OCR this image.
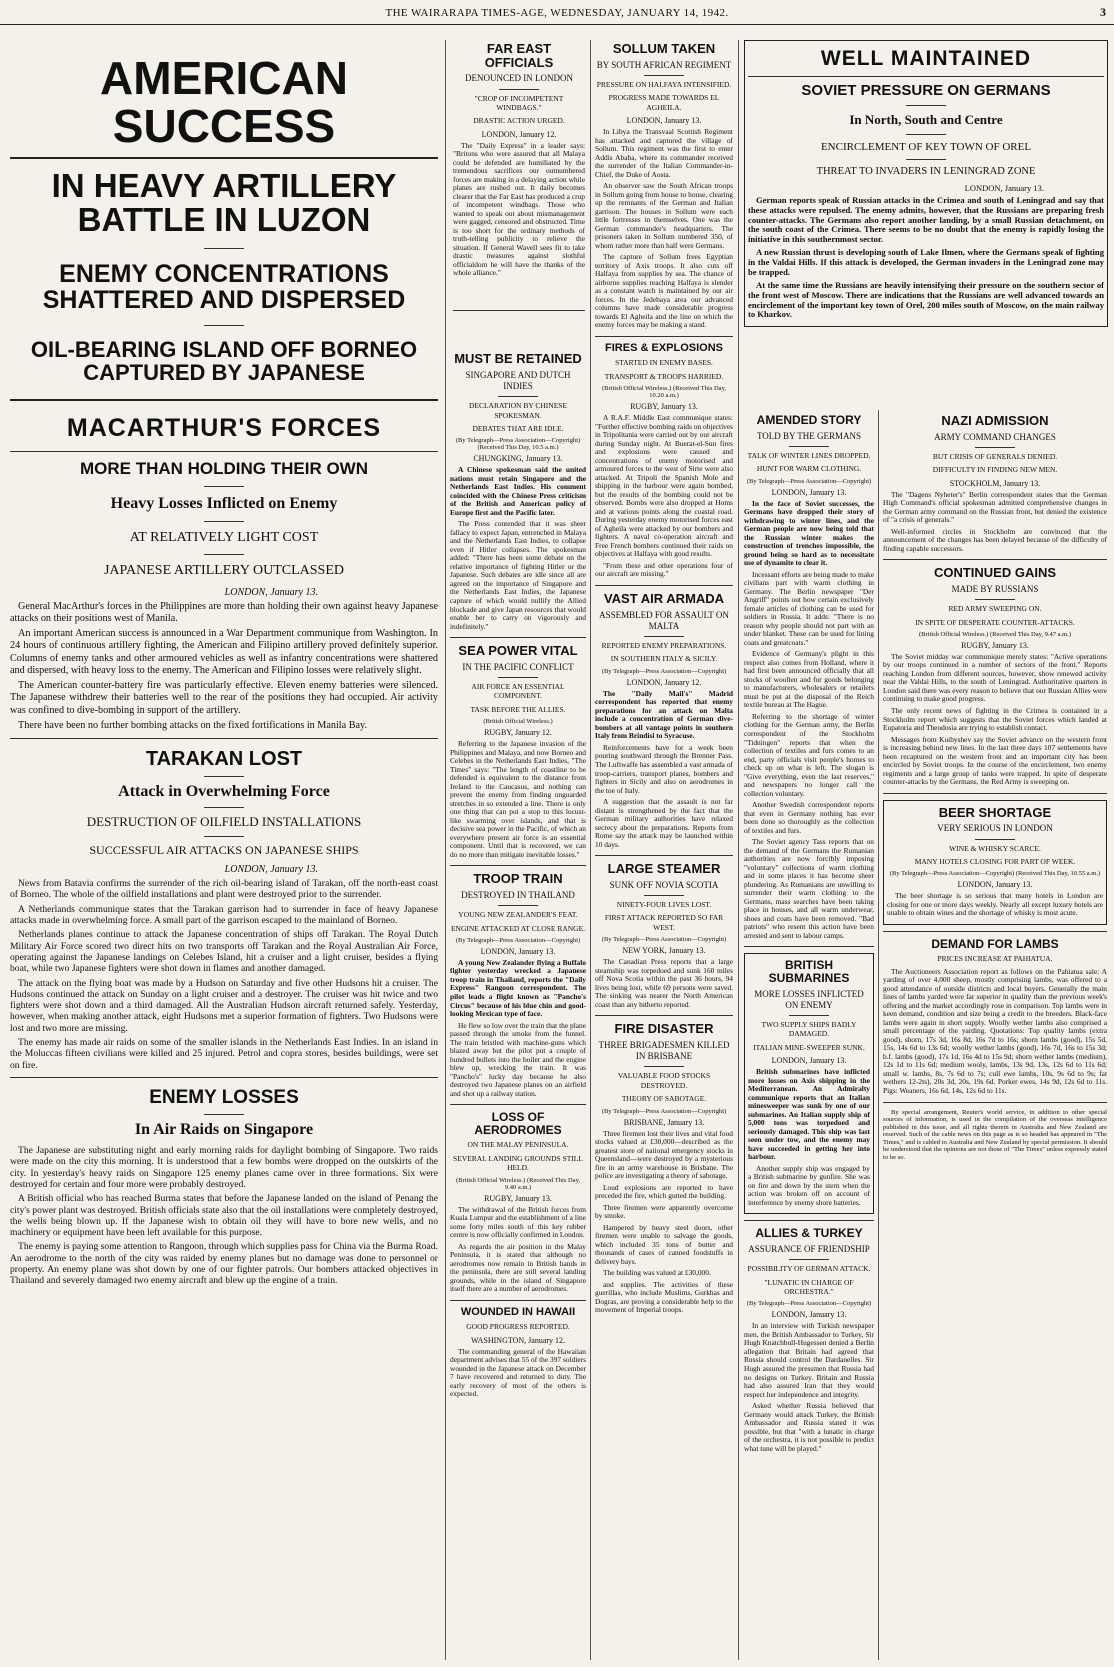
THE WAIRARAPA TIMES-AGE, WEDNESDAY, JANUARY 14, 1942.	3
AMERICAN SUCCESS
IN HEAVY ARTILLERY BATTLE IN LUZON
ENEMY CONCENTRATIONS SHATTERED AND DISPERSED
OIL-BEARING ISLAND OFF BORNEO CAPTURED BY JAPANESE
MACARTHUR'S FORCES
MORE THAN HOLDING THEIR OWN
Heavy Losses Inflicted on Enemy
AT RELATIVELY LIGHT COST
JAPANESE ARTILLERY OUTCLASSED
LONDON, January 13.

General MacArthur's forces in the Philippines are more than holding their own against heavy Japanese attacks on their positions west of Manila.

An important American success is announced in a War Department communique from Washington. In 24 hours of continuous artillery fighting, the American and Filipino artillery proved definitely superior. Columns of enemy tanks and other armoured vehicles as well as infantry concentrations were shattered and dispersed, with heavy loss to the enemy. The American and Filipino losses were relatively slight.

The American counter-battery fire was particularly effective. Eleven enemy batteries were silenced. The Japanese withdrew their batteries well to the rear of the positions they had occupied. Air activity was confined to dive-bombing in support of the artillery.

There have been no further bombing attacks on the fixed fortifications in Manila Bay.

TARAKAN LOST
Attack in Overwhelming Force
DESTRUCTION OF OILFIELD INSTALLATIONS
SUCCESSFUL AIR ATTACKS ON JAPANESE SHIPS
LONDON, January 13.

News from Batavia confirms the surrender of the rich oil-bearing island of Tarakan, off the north-east coast of Borneo. The whole of the oilfield installations and plant were destroyed prior to the surrender.

A Netherlands communique states that the Tarakan garrison had to surrender in face of heavy Japanese attacks made in overwhelming force. A small part of the garrison escaped to the mainland of Borneo.

Netherlands planes continue to attack the Japanese concentration of ships off Tarakan. The Royal Dutch Military Air Force scored two direct hits on two transports off Tarakan and the Royal Australian Air Force, operating against the Japanese landings on Celebes Island, hit a cruiser and a light cruiser, besides a flying boat, while two Japanese fighters were shot down in flames and another damaged.

The attack on the flying boat was made by a Hudson on Saturday and five other Hudsons hit a cruiser. The Hudsons continued the attack on Sunday on a light cruiser and a destroyer. The cruiser was hit twice and two fighters were shot down and a third damaged. All the Australian Hudson aircraft returned safely. Yesterday, however, when making another attack, eight Hudsons met a superior formation of fighters. Two Hudsons were lost and two more are missing.

The enemy has made air raids on some of the smaller islands in the Netherlands East Indies. In an island in the Moluccas fifteen civilians were killed and 25 injured. Petrol and copra stores, besides buildings, were set on fire.

ENEMY LOSSES
In Air Raids on Singapore

The Japanese are substituting night and early morning raids for daylight bombing of Singapore. Two raids were made on the city this morning. It is understood that a few bombs were dropped on the outskirts of the city. In yesterday's heavy raids on Singapore 125 enemy planes came over in three formations. Six were destroyed for certain and four more were probably destroyed.

A British official who has reached Burma states that before the Japanese landed on the island of Penang the city's power plant was destroyed. British officials state also that the oil installations were completely destroyed, the wells being blown up. If the Japanese wish to obtain oil they will have to bore new wells, and no machinery or equipment have been left available for this purpose.

The enemy is paying some attention to Rangoon, through which supplies pass for China via the Burma Road. An aerodrome to the north of the city was raided by enemy planes but no damage was done to personnel or property. An enemy plane was shot down by one of our fighter patrols. Our bombers attacked objectives in Thailand and severely damaged two enemy aircraft and blew up the engine of a train.

MUST BE RETAINED
SINGAPORE AND DUTCH INDIES
DECLARATION BY CHINESE SPOKESMAN.
DEBATES THAT ARE IDLE.
(By Telegraph—Press Association—Copyright) (Received This Day, 10.5 a.m.)
CHUNGKING, January 13.

A Chinese spokesman said the united nations must retain Singapore and the Netherlands East Indies. His comment coincided with the Chinese Press criticism of the British and American policy of Europe first and the Pacific later.

The Press contended that it was sheer fallacy to expect Japan, entrenched in Malaya and the Netherlands East Indies, to collapse even if Hitler collapses. The spokesman added: "There has been some debate on the relative importance of fighting Hitler or the Japanese. Such debates are idle since all are agreed on the importance of Singapore and the Netherlands East Indies, the Japanese capture of which would nullify the Allied blockade and give Japan resources that would enable her to carry on vigorously and indefinitely."

SEA POWER VITAL
IN THE PACIFIC CONFLICT
AIR FORCE AN ESSENTIAL COMPONENT.
TASK BEFORE THE ALLIES.
(British Official Wireless.)
RUGBY, January 12.

Referring to the Japanese invasion of the Philippines and Malaya, and now Borneo and Celebes in the Netherlands East Indies, "The Times" says: "The length of coastline to be defended is equivalent to the distance from Ireland to the Caucasus, and nothing can prevent the enemy from finding unguarded stretches in so extended a line. There is only one thing that can put a stop to this locust-like swarming over islands, and that is decisive sea power in the Pacific, of which an everywhere present air force is an essential component. Until that is recovered, we can do no more than mitigate inevitable losses."

TROOP TRAIN
DESTROYED IN THAILAND
YOUNG NEW ZEALANDER'S FEAT.
ENGINE ATTACKED AT CLOSE RANGE.
(By Telegraph—Press Association—Copyright)
LONDON, January 13.

A young New Zealander flying a Buffalo fighter yesterday wrecked a Japanese troop train in Thailand, reports the "Daily Express" Rangoon correspondent. The pilot leads a flight known as "Pancho's Circus" because of his blue chin and good-looking Mexican type of face.

He flew so low over the train that the plane passed through the smoke from the funnel. The train bristled with machine-guns which blazed away but the pilot put a couple of hundred bullets into the boiler and the engine blew up, wrecking the train. It was "Pancho's" lucky day because he also destroyed two Japanese planes on an airfield and shot up a railway station.

LOSS OF AERODROMES
ON THE MALAY PENINSULA.
SEVERAL LANDING GROUNDS STILL HELD.
(British Official Wireless.) (Received This Day, 9.40 a.m.)
RUGBY, January 13.

The withdrawal of the British forces from Kuala Lumpur and the establishment of a line some forty miles south of this key rubber centre is now officially confirmed in London.

As regards the air position in the Malay Peninsula, it is stated that although no aerodromes now remain in British hands in the peninsula, there are still several landing grounds, while in the island of Singapore itself there are a number of aerodromes.

WOUNDED IN HAWAII
GOOD PROGRESS REPORTED.
WASHINGTON, January 12.

The commanding general of the Hawaiian department advises that 55 of the 397 soldiers wounded in the Japanese attack on December 7 have recovered and returned to duty. The early recovery of most of the others is expected.

FAR EAST OFFICIALS
DENOUNCED IN LONDON
"CROP OF INCOMPETENT WINDBAGS."
DRASTIC ACTION URGED.
LONDON, January 12.

The "Daily Express" in a leader says: "Britons who were assured that all Malaya could be defended are humiliated by the tremendous sacrifices our outnumbered forces are making in a delaying action while planes are rushed out. It daily becomes clearer that the Far East has produced a crop of incompetent windbags. Those who wanted to speak out about mismanagement were gagged, censored and obstructed. Time is too short for the ordinary methods of truth-telling publicity to relieve the situation. If General Wavell sees fit to take drastic measures against slothful officialdom he will have the thanks of the whole alliance."

SOLLUM TAKEN
BY SOUTH AFRICAN REGIMENT
PRESSURE ON HALFAYA INTENSIFIED.
PROGRESS MADE TOWARDS EL AGHEILA.
LONDON, January 13.

In Libya the Transvaal Scottish Regiment has attacked and captured the village of Sollum. This regiment was the first to enter Addis Ababa, where its commander received the surrender of the Italian Commander-in-Chief, the Duke of Aosta.

An observer saw the South African troops in Sollum going from house to house, clearing up the remnants of the German and Italian garrison. The houses in Sollum were each little fortresses in themselves. One was the German commander's headquarters. The prisoners taken in Sollum numbered 350, of whom rather more than half were Germans.

The capture of Sollum frees Egyptian territory of Axis troops. It also cuts off Halfaya from supplies by sea. The chance of airborne supplies reaching Halfaya is slender as a constant watch is maintained by our air forces. In the Jedebaya area our advanced columns have made considerable progress towards El Agheila and the line on which the enemy forces may be making a stand.

FIRES & EXPLOSIONS
STARTED IN ENEMY BASES.
TRANSPORT & TROOPS HARRIED.
(British Official Wireless.) (Received This Day, 10.20 a.m.)
RUGBY, January 13.

A R.A.F. Middle East communique states: "Further effective bombing raids on objectives in Tripolitania were carried out by our aircraft during Sunday night. At Buerat-el-Sun fires and explosions were caused and concentrations of enemy motorised and armoured forces to the west of Sirte were also attacked. At Tripoli the Spanish Mole and shipping in the harbour were again bombed, but the results of the bombing could not be observed. Bombs were also dropped at Homs and at various points along the coastal road. During yesterday enemy motorised forces east of Agheila were attacked by our bombers and fighters. A naval co-operation aircraft and Free French bombers continued their raids on objectives at Halfaya with good results.

"From these and other operations four of our aircraft are missing."

VAST AIR ARMADA
ASSEMBLED FOR ASSAULT ON MALTA
REPORTED ENEMY PREPARATIONS.
IN SOUTHERN ITALY & SICILY.
(By Telegraph—Press Association—Copyright)
LONDON, January 12.

The "Daily Mail's" Madrid correspondent has reported that enemy preparations for an attack on Malta include a concentration of German dive-bombers at all vantage points in southern Italy from Brindisi to Syracuse.

Reinforcements have for a week been pouring southward through the Brenner Pass. The Luftwaffe has assembled a vast armada of troop-carriers, transport planes, bombers and fighters in Sicily and also on aerodromes in the toe of Italy.

A suggestion that the assault is not far distant is strengthened by the fact that the German military authorities have relaxed secrecy about the preparations. Reports from Rome say the attack may be launched within 10 days.

LARGE STEAMER
SUNK OFF NOVIA SCOTIA
NINETY-FOUR LIVES LOST.
FIRST ATTACK REPORTED SO FAR WEST.
(By Telegraph—Press Association—Copyright)
NEW YORK, January 13.

The Canadian Press reports that a large steamship was torpedoed and sunk 160 miles off Nova Scotia within the past 36 hours, 94 lives being lost, while 69 persons were saved. The sinking was nearer the North American coast than any hitherto reported.

FIRE DISASTER
THREE BRIGADESMEN KILLED IN BRISBANE
VALUABLE FOOD STOCKS DESTROYED.
THEORY OF SABOTAGE.
(By Telegraph—Press Association—Copyright)
BRISBANE, January 13.

Three firemen lost their lives and vital food stocks valued at £30,000—described as the greatest store of national emergency stocks in Queensland—were destroyed by a mysterious fire in an army warehouse in Brisbane. The police are investigating a theory of sabotage.

Loud explosions are reported to have preceded the fire, which gutted the building.

Three firemen were apparently overcome by smoke.

Hampered by heavy steel doors, other firemen were unable to salvage the goods, which included 35 tons of butter and thousands of cases of canned foodstuffs in delivery bays.

The building was valued at £30,000.

and supplies. The activities of these guerillas, who include Muslims, Gurkhas and Dogras, are proving a considerable help to the movement of Imperial troops.

WELL MAINTAINED
SOVIET PRESSURE ON GERMANS
In North, South and Centre
ENCIRCLEMENT OF KEY TOWN OF OREL
THREAT TO INVADERS IN LENINGRAD ZONE
LONDON, January 13.

German reports speak of Russian attacks in the Crimea and south of Leningrad and say that these attacks were repulsed. The enemy admits, however, that the Russians are preparing fresh counter-attacks. The Germans also report another landing, by a small Russian detachment, on the south coast of the Crimea. There seems to be no doubt that the enemy is rapidly losing the initiative in this southernmost sector.

A new Russian thrust is developing south of Lake Ilmen, where the Germans speak of fighting in the Valdai Hills. If this attack is developed, the German invaders in the Leningrad zone may be trapped.

At the same time the Russians are heavily intensifying their pressure on the southern sector of the front west of Moscow. There are indications that the Russians are well advanced towards an encirclement of the important key town of Orel, 200 miles south of Moscow, on the main railway to Kharkov.

AMENDED STORY
TOLD BY THE GERMANS
TALK OF WINTER LINES DROPPED.
HUNT FOR WARM CLOTHING.
(By Telegraph—Press Association—Copyright)
LONDON, January 13.

In the face of Soviet successes, the Germans have dropped their story of withdrawing to winter lines, and the German people are now being told that the Russian winter makes the construction of trenches impossible, the ground being so hard as to necessitate use of dynamite to clear it.

Incessant efforts are being made to make civilians part with warm clothing in Germany. The Berlin newspaper "Der Angriff" points out how certain exclusively female articles of clothing can be used for soldiers in Russia. It adds: "There is no reason why people should not part with an under blanket. These can be used for lining coats and greatcoats."

Evidence of Germany's plight in this respect also comes from Holland, where it had first been announced officially that all stocks of woollen and fur goods belonging to manufacturers, wholesalers or retailers must be put at the disposal of the Reich textile bureau at The Hague.

Referring to the shortage of winter clothing for the German army, the Berlin correspondent of the Stockholm "Tidningen" reports that when the collection of textiles and furs comes to an end, party officials visit people's homes to check up on what is left. The slogan is "Give everything, even the last reserves," and newspapers no longer call the collection voluntary.

Another Swedish correspondent reports that even in Germany nothing has ever been done so thoroughly as the collection of textiles and furs.

The Soviet agency Tass reports that on the demand of the Germans the Rumanian authorities are now forcibly imposing "voluntary" collections of warm clothing and in some places it has become sheer plundering. As Rumanians are unwilling to surrender their warm clothing to the Germans, mass searches have been taking place in houses, and all warm underwear, shoes and coats have been removed. "Bad patriots" who resent this action have been arrested and sent to labour camps.

BRITISH SUBMARINES
MORE LOSSES INFLICTED ON ENEMY
TWO SUPPLY SHIPS BADLY DAMAGED.
ITALIAN MINE-SWEEPER SUNK.
LONDON, January 13.

British submarines have inflicted more losses on Axis shipping in the Mediterranean. An Admiralty communique reports that an Italian minesweeper was sunk by one of our submarines. An Italian supply ship of 5,000 tons was torpedoed and seriously damaged. This ship was last seen under tow, and the enemy may have succeeded in getting her into harbour.

Another supply ship was engaged by a British submarine by gunfire. She was on fire and down by the stern when the action was broken off on account of interference by enemy shore batteries.

ALLIES & TURKEY
ASSURANCE OF FRIENDSHIP
POSSIBILITY OF GERMAN ATTACK.
"LUNATIC IN CHARGE OF ORCHESTRA."
(By Telegraph—Press Association—Copyright)
LONDON, January 13.

In an interview with Turkish newspaper men, the British Ambassador to Turkey, Sir Hugh Knatchbull-Hugessen denied a Berlin allegation that Britain had agreed that Russia should control the Dardanelles. Sir Hugh assured the pressmen that Russia had no designs on Turkey. Britain and Russia had also assured Iran that they would respect her independence and integrity.

Asked whether Russia believed that Germany would attack Turkey, the British Ambassador and Russia stated it was possible, but that "with a lunatic in charge of the orchestra, it is not possible to predict what tune will be played."

NAZI ADMISSION
ARMY COMMAND CHANGES
BUT CRISIS OF GENERALS DENIED.
DIFFICULTY IN FINDING NEW MEN.
STOCKHOLM, January 13.

The "Dagens Nyheter's" Berlin correspondent states that the German High Command's official spokesman admitted comprehensive changes in the German army command on the Russian front, but denied the existence of "a crisis of generals."

Well-informed circles in Stockholm are convinced that the announcement of the changes has been delayed because of the difficulty of finding capable successors.

CONTINUED GAINS
MADE BY RUSSIANS
RED ARMY SWEEPING ON.
IN SPITE OF DESPERATE COUNTER-ATTACKS.
(British Official Wireless.) (Received This Day, 9.47 a.m.)
RUGBY, January 13.

The Soviet midday war communique merely states: "Active operations by our troops continued in a number of sectors of the front." Reports reaching London from different sources, however, show renewed activity near the Valdai Hills, to the south of Leningrad. Authoritative quarters in London said there was every reason to believe that our Russian Allies were continuing to make good progress.

The only recent news of fighting in the Crimea is contained in a Stockholm report which suggests that the Soviet forces which landed at Eupatoria and Theodosia are trying to establish contact.

Messages from Kuibyshev say the Soviet advance on the western front is increasing behind new lines. In the last three days 107 settlements have been recaptured on the western front and an important city has been encircled by Soviet troops. In the course of the encirclement, two enemy regiments and a large group of tanks were trapped. In spite of desperate counter-attacks by the Germans, the Red Army is sweeping on.

BEER SHORTAGE
VERY SERIOUS IN LONDON
WINE & WHISKY SCARCE.
MANY HOTELS CLOSING FOR PART OF WEEK.
(By Telegraph—Press Association—Copyright) (Received This Day, 10.55 a.m.)
LONDON, January 13.

The beer shortage is so serious that many hotels in London are closing for one or more days weekly. Nearly all except luxury hotels are unable to obtain wines and the shortage of whisky is most acute.

DEMAND FOR LAMBS
PRICES INCREASE AT PAHIATUA.

The Auctioneers Association report as follows on the Pahiatua sale: A yarding of over 4,000 sheep, mostly comprising lambs, was offered to a good attendance of outside districts and local buyers. Generally the main lines of lambs yarded were far superior in quality than the previous week's offering and the market accordingly rose in comparison. Top lambs were in keen demand, condition and size being a credit to the breeders. Black-face lambs were again in short supply. Woolly wether lambs also comprised a small percentage of the yarding. Quotations: Top quality lambs (extra good), shorn, 17s 3d, 16s 8d, 16s 7d to 16s; shorn lambs (good), 15s 5d, 15s, 14s 6d to 13s 6d; woolly wether lambs (good), 16s 7d, 16s to 15s 3d; b.f. lambs (good), 17s 1d, 16s 4d to 15s 9d; shorn wether lambs (medium), 12s 1d to 11s 6d; medium wooly, lambs, 13s 9d, 13s, 12s 6d to 11s 6d; small w. lambs, 8s, 7s 6d to 7s; cull ewe lambs, 10s, 9s 6d to 9s; fat wethers 12-2ts), 20s 3d, 20s, 19s 6d. Porker ewes, 14s 9d, 12s 6d to 11s. Pigs: Weaners, 16s 6d, 14s, 12s 6d to 11s.

By special arrangement, Reuter's world service, in addition to other special sources of information, is used in the compilation of the overseas intelligence published in this issue, and all rights therein in Australia and New Zealand are reserved. Such of the cable news on this page as is so headed has appeared in "The Times," and is cabled to Australia and New Zealand by special permission. It should be understood that the opinions are not those of "The Times" unless expressly stated to be so.
